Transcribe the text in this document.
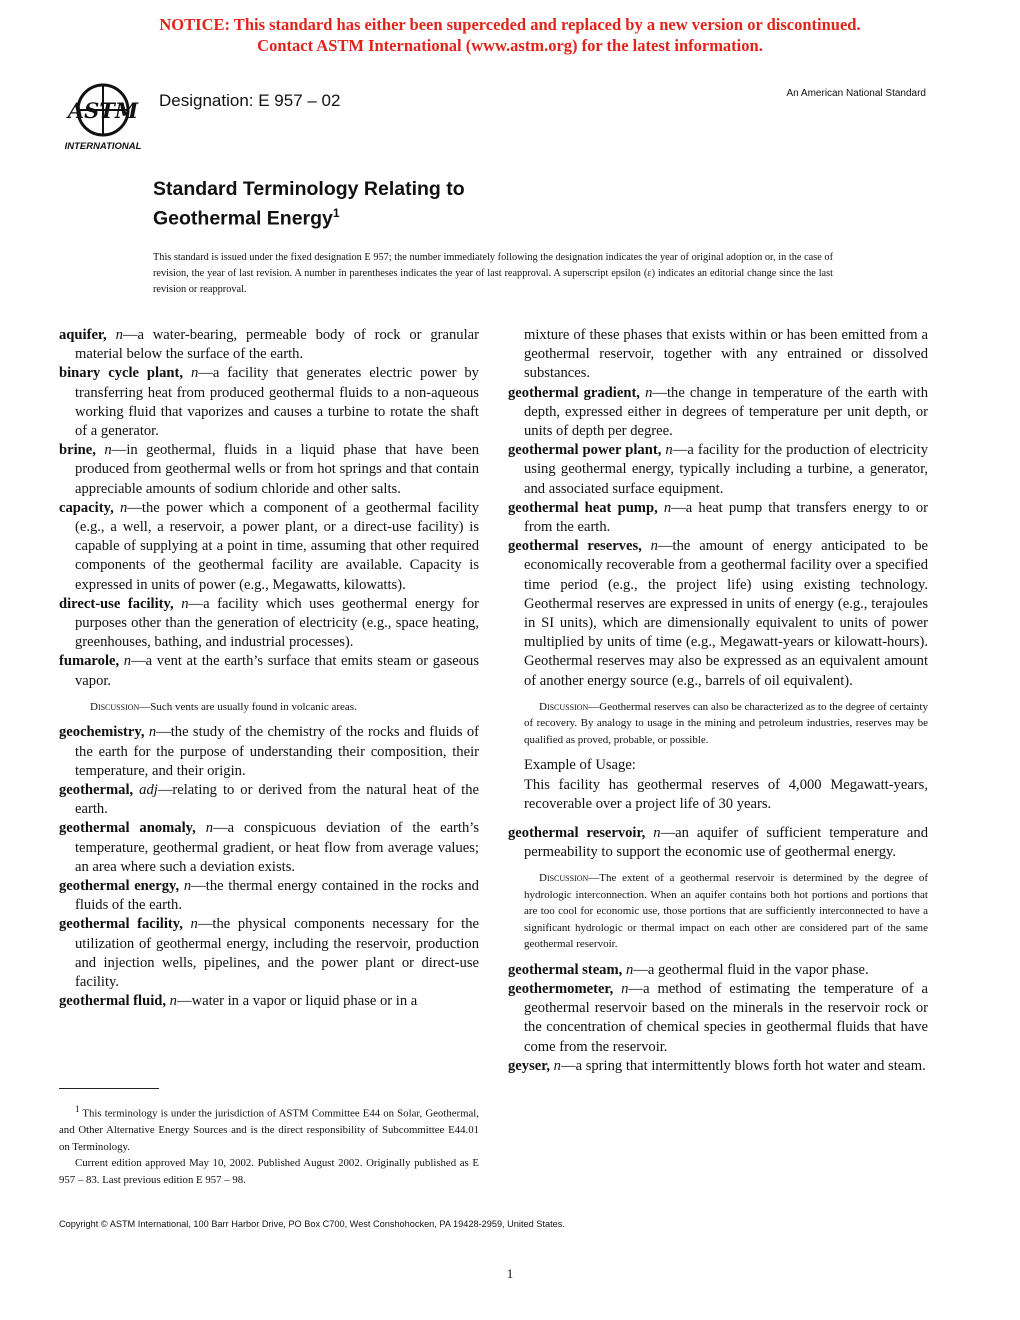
NOTICE: This standard has either been superceded and replaced by a new version or discontinued.
Contact ASTM International (www.astm.org) for the latest information.
ASTM
INTERNATIONAL
Designation: E 957 – 02	An American National Standard
Standard Terminology Relating to
Geothermal Energy$^1$
This standard is issued under the fixed designation E 957; the number immediately following the designation indicates the year of original adoption or, in the case of revision, the year of last revision. A number in parentheses indicates the year of last reapproval. A superscript epsilon (ε) indicates an editorial change since the last revision or reapproval.

aquifer, n—a water-bearing, permeable body of rock or granular material below the surface of the earth.

binary cycle plant, n—a facility that generates electric power by transferring heat from produced geothermal fluids to a non-aqueous working fluid that vaporizes and causes a turbine to rotate the shaft of a generator.

brine, n—in geothermal, fluids in a liquid phase that have been produced from geothermal wells or from hot springs and that contain appreciable amounts of sodium chloride and other salts.

capacity, n—the power which a component of a geothermal facility (e.g., a well, a reservoir, a power plant, or a direct-use facility) is capable of supplying at a point in time, assuming that other required components of the geothermal facility are available. Capacity is expressed in units of power (e.g., Megawatts, kilowatts).

direct-use facility, n—a facility which uses geothermal energy for purposes other than the generation of electricity (e.g., space heating, greenhouses, bathing, and industrial processes).

fumarole, n—a vent at the earth’s surface that emits steam or gaseous vapor.

Discussion—Such vents are usually found in volcanic areas.

geochemistry, n—the study of the chemistry of the rocks and fluids of the earth for the purpose of understanding their composition, their temperature, and their origin.

geothermal, adj—relating to or derived from the natural heat of the earth.

geothermal anomaly, n—a conspicuous deviation of the earth’s temperature, geothermal gradient, or heat flow from average values; an area where such a deviation exists.

geothermal energy, n—the thermal energy contained in the rocks and fluids of the earth.

geothermal facility, n—the physical components necessary for the utilization of geothermal energy, including the reservoir, production and injection wells, pipelines, and the power plant or direct-use facility.

geothermal fluid, n—water in a vapor or liquid phase or in a

mixture of these phases that exists within or has been emitted from a geothermal reservoir, together with any entrained or dissolved substances.

geothermal gradient, n—the change in temperature of the earth with depth, expressed either in degrees of temperature per unit depth, or units of depth per degree.

geothermal power plant, n—a facility for the production of electricity using geothermal energy, typically including a turbine, a generator, and associated surface equipment.

geothermal heat pump, n—a heat pump that transfers energy to or from the earth.

geothermal reserves, n—the amount of energy anticipated to be economically recoverable from a geothermal facility over a specified time period (e.g., the project life) using existing technology. Geothermal reserves are expressed in units of energy (e.g., terajoules in SI units), which are dimensionally equivalent to units of power multiplied by units of time (e.g., Megawatt-years or kilowatt-hours). Geothermal reserves may also be expressed as an equivalent amount of another energy source (e.g., barrels of oil equivalent).

Discussion—Geothermal reserves can also be characterized as to the degree of certainty of recovery. By analogy to usage in the mining and petroleum industries, reserves may be qualified as proved, probable, or possible.

Example of Usage:
This facility has geothermal reserves of 4,000 Megawatt-years, recoverable over a project life of 30 years.

geothermal reservoir, n—an aquifer of sufficient temperature and permeability to support the economic use of geothermal energy.

Discussion—The extent of a geothermal reservoir is determined by the degree of hydrologic interconnection. When an aquifer contains both hot portions and portions that are too cool for economic use, those portions that are sufficiently interconnected to have a significant hydrologic or thermal impact on each other are considered part of the same geothermal reservoir.

geothermal steam, n—a geothermal fluid in the vapor phase.

geothermometer, n—a method of estimating the temperature of a geothermal reservoir based on the minerals in the reservoir rock or the concentration of chemical species in geothermal fluids that have come from the reservoir.

geyser, n—a spring that intermittently blows forth hot water and steam.

$^1$ This terminology is under the jurisdiction of ASTM Committee E44 on Solar, Geothermal, and Other Alternative Energy Sources and is the direct responsibility of Subcommittee E44.01 on Terminology.

Current edition approved May 10, 2002. Published August 2002. Originally published as E 957 – 83. Last previous edition E 957 – 98.

Copyright © ASTM International, 100 Barr Harbor Drive, PO Box C700, West Conshohocken, PA 19428-2959, United States.
1
